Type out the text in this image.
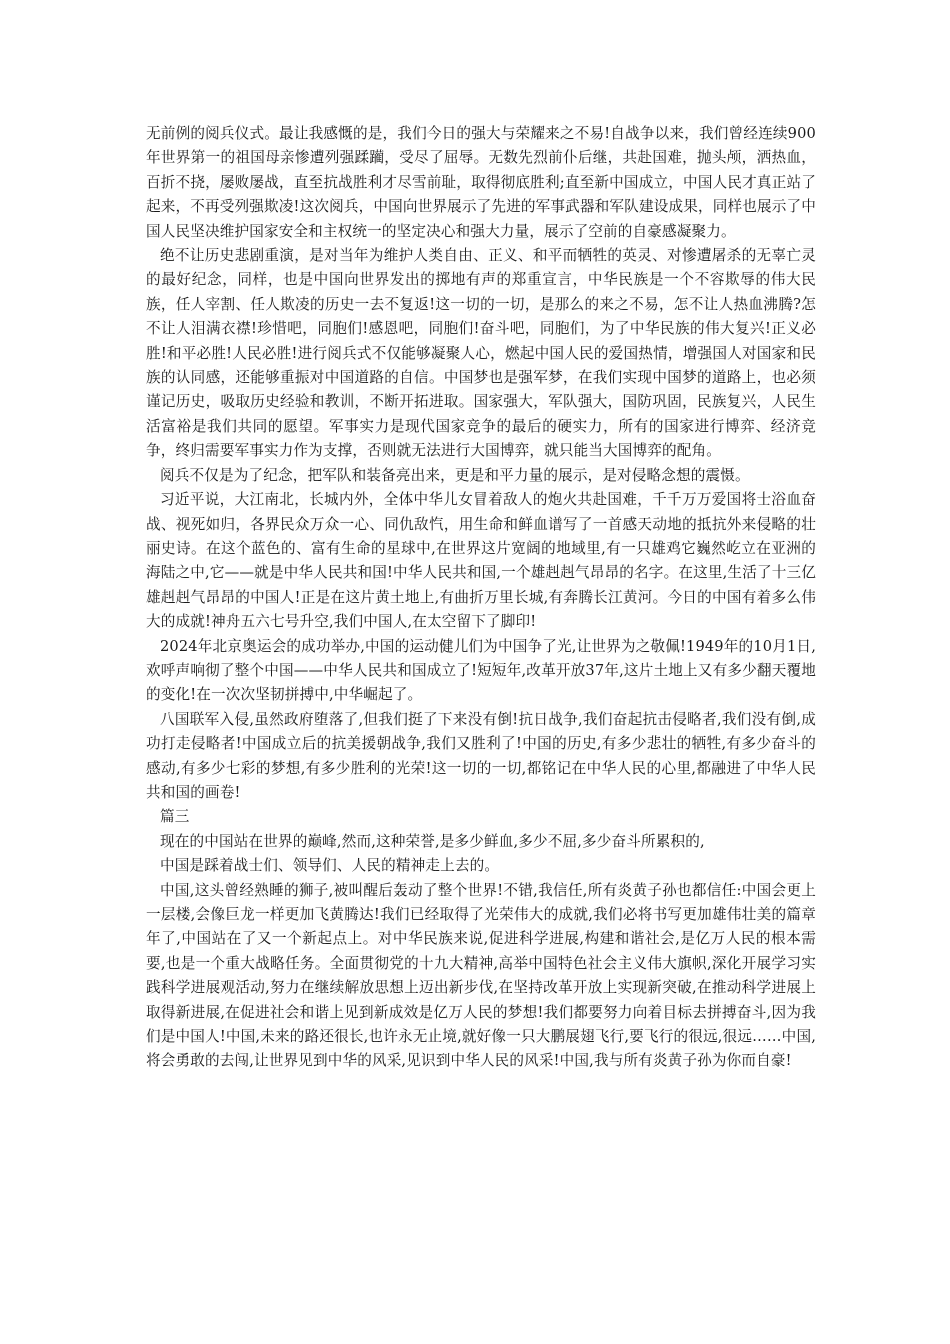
无前例的阅兵仪式。最让我感慨的是，我们今日的强大与荣耀来之不易!自战争以来，我们曾经连续900年世界第一的祖国母亲惨遭列强蹂躏，受尽了屈辱。无数先烈前仆后继，共赴国难，抛头颅，洒热血，百折不挠，屡败屡战，直至抗战胜利才尽雪前耻，取得彻底胜利;直至新中国成立，中国人民才真正站了起来，不再受列强欺凌!这次阅兵，中国向世界展示了先进的军事武器和军队建设成果，同样也展示了中国人民坚决维护国家安全和主权统一的坚定决心和强大力量，展示了空前的自豪感凝聚力。

绝不让历史悲剧重演，是对当年为维护人类自由、正义、和平而牺牲的英灵、对惨遭屠杀的无辜亡灵的最好纪念，同样，也是中国向世界发出的掷地有声的郑重宣言，中华民族是一个不容欺辱的伟大民族，任人宰割、任人欺凌的历史一去不复返!这一切的一切，是那么的来之不易，怎不让人热血沸腾?怎不让人泪满衣襟!珍惜吧，同胞们!感恩吧，同胞们!奋斗吧，同胞们，为了中华民族的伟大复兴!正义必胜!和平必胜!人民必胜!进行阅兵式不仅能够凝聚人心，燃起中国人民的爱国热情，增强国人对国家和民族的认同感，还能够重振对中国道路的自信。中国梦也是强军梦，在我们实现中国梦的道路上，也必须谨记历史，吸取历史经验和教训，不断开拓进取。国家强大，军队强大，国防巩固，民族复兴，人民生活富裕是我们共同的愿望。军事实力是现代国家竞争的最后的硬实力，所有的国家进行博弈、经济竞争，终归需要军事实力作为支撑，否则就无法进行大国博弈，就只能当大国博弈的配角。

阅兵不仅是为了纪念，把军队和装备亮出来，更是和平力量的展示，是对侵略念想的震慑。

习近平说，大江南北，长城内外，全体中华儿女冒着敌人的炮火共赴国难，千千万万爱国将士浴血奋战、视死如归，各界民众万众一心、同仇敌忾，用生命和鲜血谱写了一首感天动地的抵抗外来侵略的壮丽史诗。在这个蓝色的、富有生命的星球中,在世界这片宽阔的地域里,有一只雄鸡它巍然屹立在亚洲的海陆之中,它——就是中华人民共和国!中华人民共和国,一个雄赳赳气昂昂的名字。在这里,生活了十三亿雄赳赳气昂昂的中国人!正是在这片黄土地上,有曲折万里长城,有奔腾长江黄河。今日的中国有着多么伟大的成就!神舟五六七号升空,我们中国人,在太空留下了脚印!

2024年北京奥运会的成功举办,中国的运动健儿们为中国争了光,让世界为之敬佩!1949年的10月1日,欢呼声响彻了整个中国——中华人民共和国成立了!短短年,改革开放37年,这片土地上又有多少翻天覆地的变化!在一次次坚韧拼搏中,中华崛起了。

八国联军入侵,虽然政府堕落了,但我们挺了下来没有倒!抗日战争,我们奋起抗击侵略者,我们没有倒,成功打走侵略者!中国成立后的抗美援朝战争,我们又胜利了!中国的历史,有多少悲壮的牺牲,有多少奋斗的感动,有多少七彩的梦想,有多少胜利的光荣!这一切的一切,都铭记在中华人民的心里,都融进了中华人民共和国的画卷!

篇三

现在的中国站在世界的巅峰,然而,这种荣誉,是多少鲜血,多少不屈,多少奋斗所累积的,

中国是踩着战士们、领导们、人民的精神走上去的。

中国,这头曾经熟睡的狮子,被叫醒后轰动了整个世界!不错,我信任,所有炎黄子孙也都信任:中国会更上一层楼,会像巨龙一样更加飞黄腾达!我们已经取得了光荣伟大的成就,我们必将书写更加雄伟壮美的篇章年了,中国站在了又一个新起点上。对中华民族来说,促进科学进展,构建和谐社会,是亿万人民的根本需要,也是一个重大战略任务。全面贯彻党的十九大精神,高举中国特色社会主义伟大旗帜,深化开展学习实践科学进展观活动,努力在继续解放思想上迈出新步伐,在坚持改革开放上实现新突破,在推动科学进展上取得新进展,在促进社会和谐上见到新成效是亿万人民的梦想!我们都要努力向着目标去拼搏奋斗,因为我们是中国人!中国,未来的路还很长,也许永无止境,就好像一只大鹏展翅飞行,要飞行的很远,很远……中国,将会勇敢的去闯,让世界见到中华的风采,见识到中华人民的风采!中国,我与所有炎黄子孙为你而自豪!
